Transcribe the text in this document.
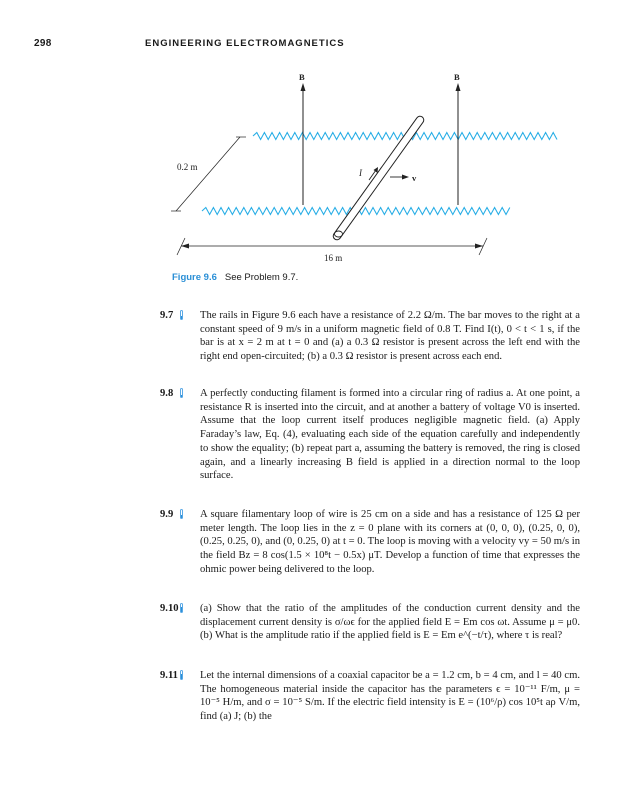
298	ENGINEERING ELECTROMAGNETICS
B	B
I	v
0.2 m
16 m
Figure 9.6 See Problem 9.7.
9.7	The rails in Figure 9.6 each have a resistance of 2.2 Ω/m. The bar moves to the right at a constant speed of 9 m/s in a uniform magnetic field of 0.8 T. Find I(t), 0 < t < 1 s, if the bar is at x = 2 m at t = 0 and (a) a 0.3 Ω resistor is present across the left end with the right end open-circuited; (b) a 0.3 Ω resistor is present across each end.
9.8	A perfectly conducting filament is formed into a circular ring of radius a. At one point, a resistance R is inserted into the circuit, and at another a battery of voltage V0 is inserted. Assume that the loop current itself produces negligible magnetic field. (a) Apply Faraday’s law, Eq. (4), evaluating each side of the equation carefully and independently to show the equality; (b) repeat part a, assuming the battery is removed, the ring is closed again, and a linearly increasing B field is applied in a direction normal to the loop surface.
9.9	A square filamentary loop of wire is 25 cm on a side and has a resistance of 125 Ω per meter length. The loop lies in the z = 0 plane with its corners at (0, 0, 0), (0.25, 0, 0), (0.25, 0.25, 0), and (0, 0.25, 0) at t = 0. The loop is moving with a velocity vy = 50 m/s in the field Bz = 8 cos(1.5 × 10⁸t − 0.5x) μT. Develop a function of time that expresses the ohmic power being delivered to the loop.
9.10 (a) Show that the ratio of the amplitudes of the conduction current density and the displacement current density is σ/ωϵ for the applied field E = Em cos ωt. Assume μ = μ0. (b) What is the amplitude ratio if the applied field is E = Em e^(−t/τ), where τ is real?
9.11 Let the internal dimensions of a coaxial capacitor be a = 1.2 cm, b = 4 cm, and l = 40 cm. The homogeneous material inside the capacitor has the parameters ϵ = 10⁻¹¹ F/m, μ = 10⁻⁵ H/m, and σ = 10⁻⁵ S/m. If the electric field intensity is E = (10⁶/ρ) cos 10⁵t aρ V/m, find (a) J; (b) the
